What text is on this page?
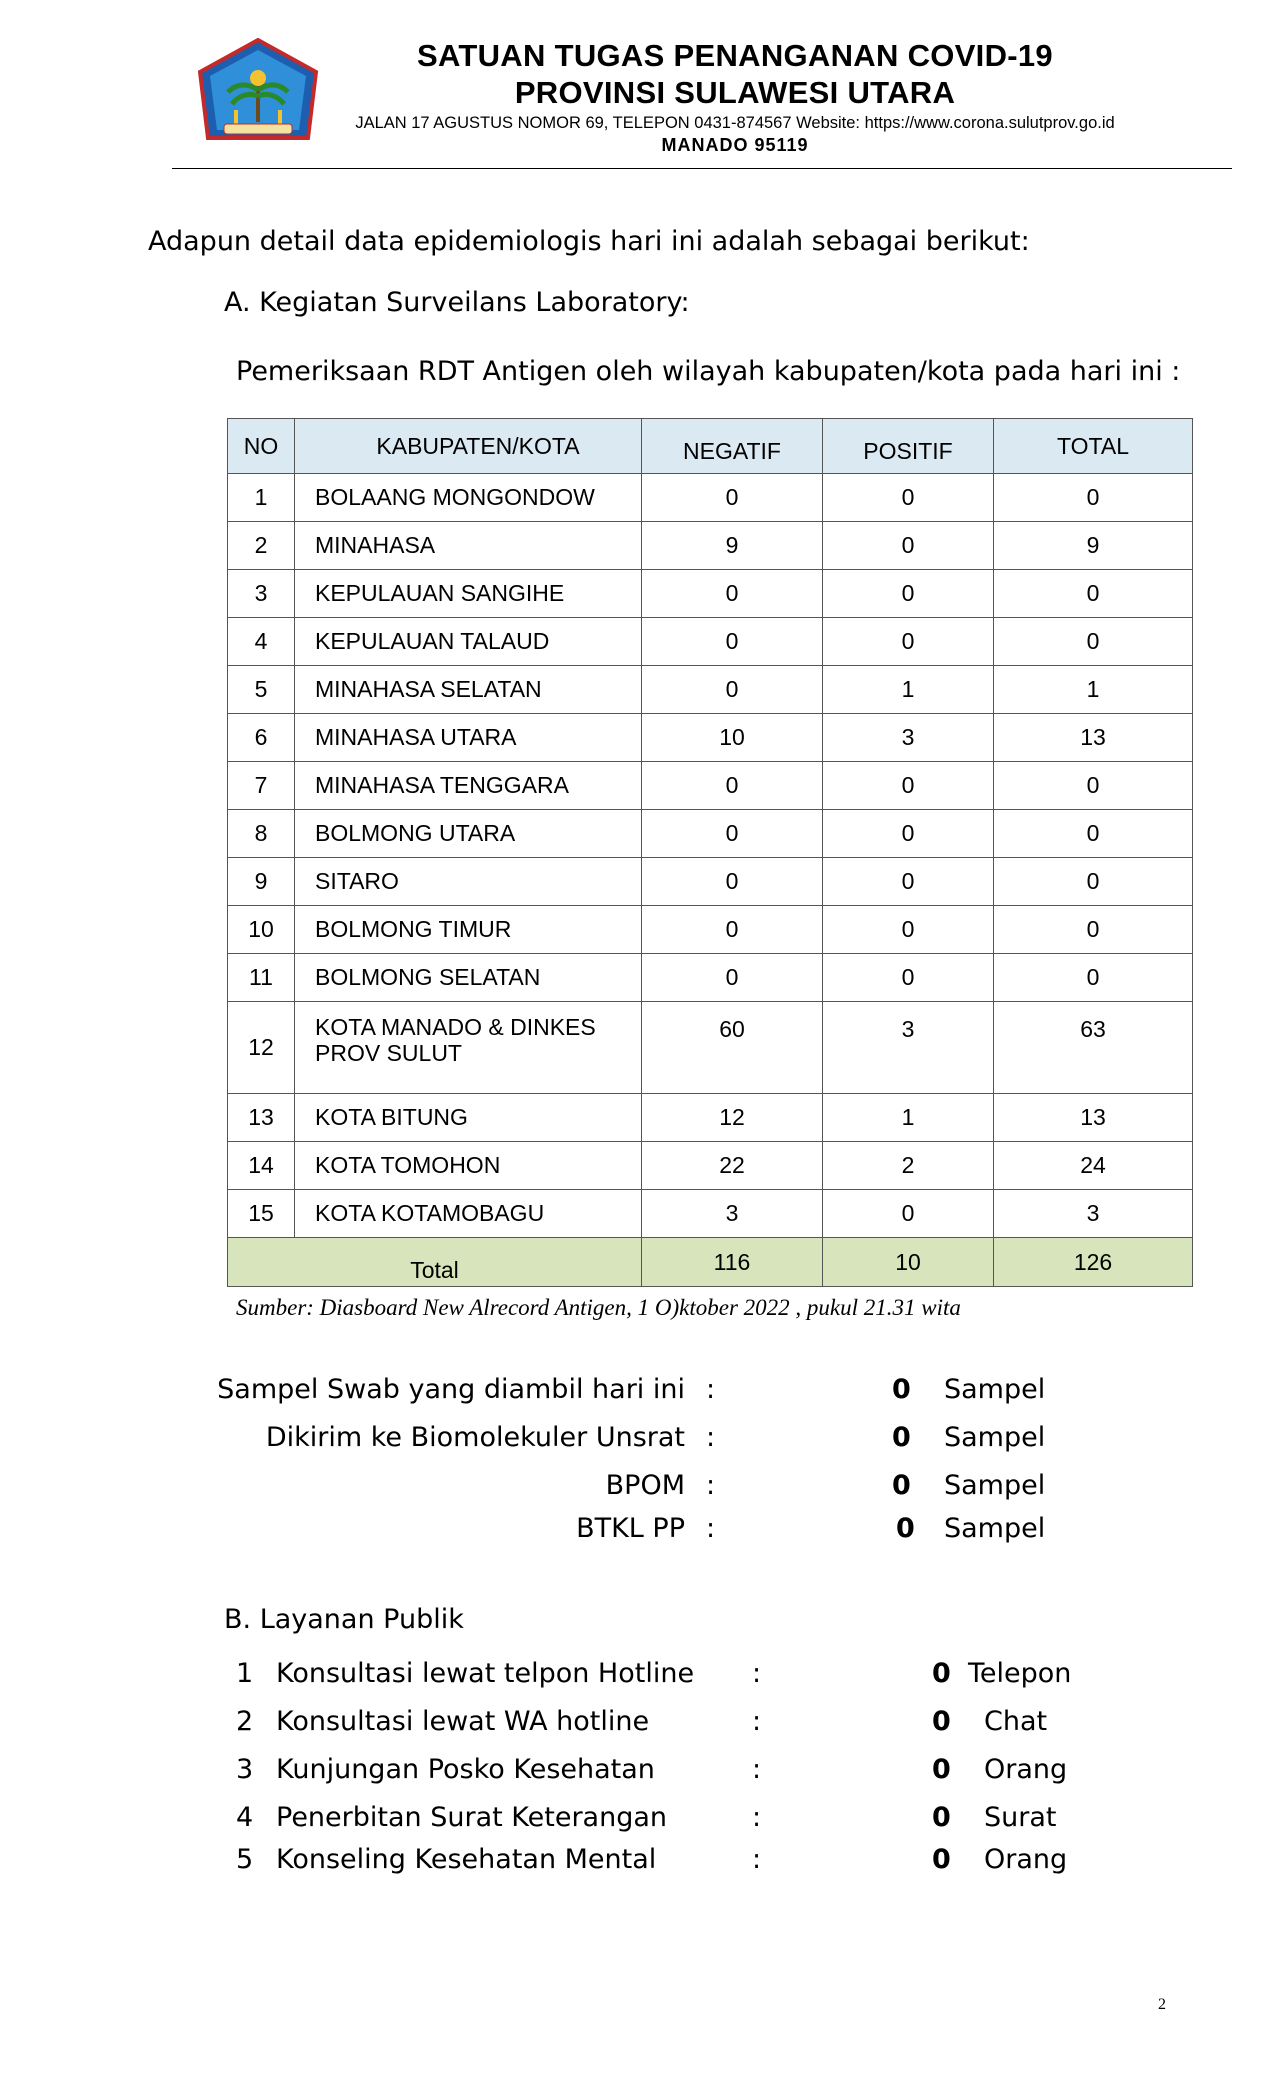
SATUAN TUGAS PENANGANAN COVID-19
PROVINSI SULAWESI UTARA
JALAN 17 AGUSTUS NOMOR 69, TELEPON 0431-874567 Website: https://www.corona.sulutprov.go.id
MANADO 95119
Adapun detail data epidemiologis hari ini adalah sebagai berikut:
A. Kegiatan Surveilans Laboratory:
Pemeriksaan RDT Antigen oleh wilayah kabupaten/kota pada hari ini :
NO	KABUPATEN/KOTA	NEGATIF	POSITIF	TOTAL
1	BOLAANG MONGONDOW	0	0	0
2	MINAHASA	9	0	9
3	KEPULAUAN SANGIHE	0	0	0
4	KEPULAUAN TALAUD	0	0	0
5	MINAHASA SELATAN	0	1	1
6	MINAHASA UTARA	10	3	13
7	MINAHASA TENGGARA	0	0	0
8	BOLMONG UTARA	0	0	0
9	SITARO	0	0	0
10	BOLMONG TIMUR	0	0	0
11	BOLMONG SELATAN	0	0	0
12	KOTA MANADO & DINKES PROV SULUT	60	3	63
13	KOTA BITUNG	12	1	13
14	KOTA TOMOHON	22	2	24
15	KOTA KOTAMOBAGU	3	0	3
Total		116	10	126
Sumber: Diasboard New Alrecord Antigen, 1 O)ktober 2022 , pukul 21.31 wita
Sampel Swab yang diambil hari ini :	0 Sampel
Dikirim ke Biomolekuler Unsrat :	0 Sampel
BPOM :	0 Sampel
BTKL PP :	0 Sampel
B. Layanan Publik
1 Konsultasi lewat telpon Hotline :	0 Telepon
2 Konsultasi lewat WA hotline	:	0 Chat
3 Kunjungan Posko Kesehatan	:	0 Orang
4 Penerbitan Surat Keterangan	:	0 Surat
5 Konseling Kesehatan Mental	:	0 Orang
2
